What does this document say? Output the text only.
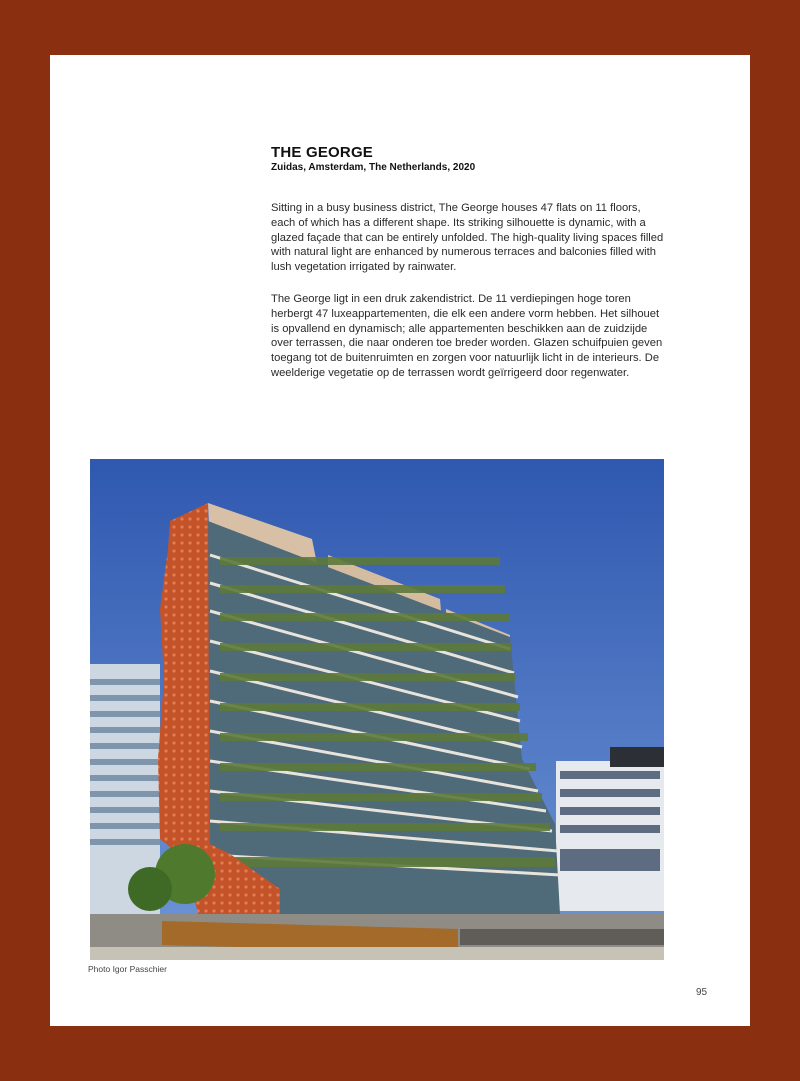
THE GEORGE

Zuidas, Amsterdam, The Netherlands, 2020

Sitting in a busy business district, The George houses 47 flats on 11 floors, each of which has a different shape. Its striking silhouette is dynamic, with a glazed façade that can be entirely unfolded. The high-quality living spaces filled with natural light are enhanced by numerous terraces and balconies filled with lush vegetation irrigated by rainwater.

The George ligt in een druk zakendistrict. De 11 verdiepingen hoge toren herbergt 47 luxeappartementen, die elk een andere vorm hebben. Het silhouet is opvallend en dynamisch; alle appartementen beschikken aan de zuidzijde over terrassen, die naar onderen toe breder worden. Glazen schuifpuien geven toegang tot de buitenruimten en zorgen voor natuurlijk licht in de interieurs. De weelderige vegetatie op de terrassen wordt geïrrigeerd door regenwater.

Photo Igor Passchier
95
